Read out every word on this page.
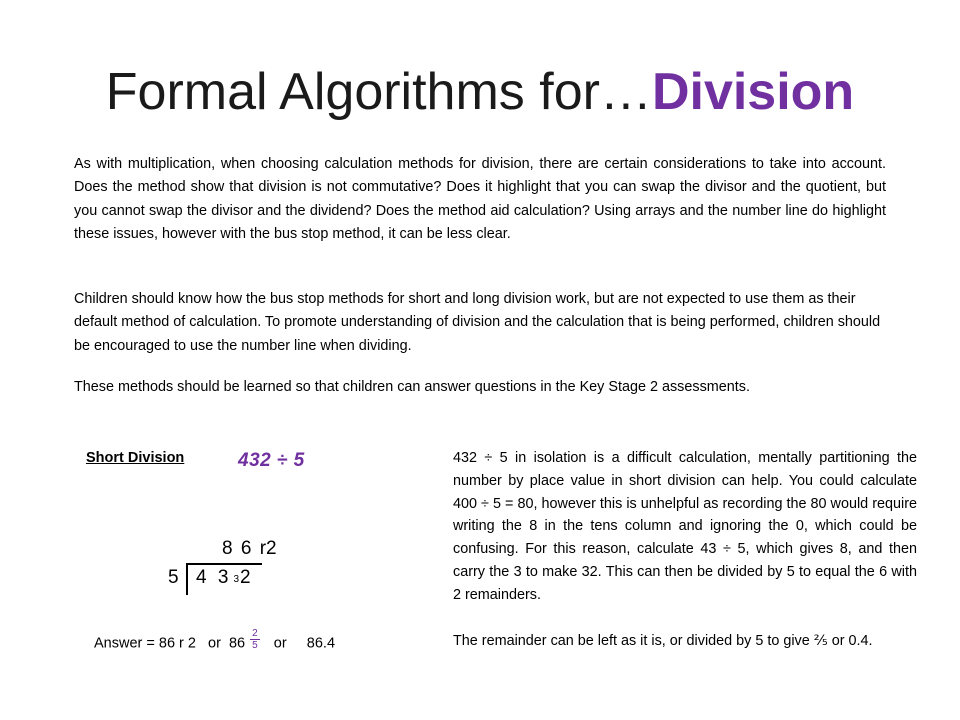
Formal Algorithms for…Division

As with multiplication, when choosing calculation methods for division, there are certain considerations to take into account. Does the method show that division is not commutative? Does it highlight that you can swap the divisor and the quotient, but you cannot swap the divisor and the dividend? Does the method aid calculation? Using arrays and the number line do highlight these issues, however with the bus stop method, it can be less clear.

Children should know how the bus stop methods for short and long division work, but are not expected to use them as their default method of calculation. To promote understanding of division and the calculation that is being performed, children should be encouraged to use the number line when dividing.

These methods should be learned so that children can answer questions in the Key Stage 2 assessments.

Short Division	432 ÷ 5
8 6 r2
5 4 3 32
Answer = 86 r 2   or  $86 \frac{2}{5}$ or     86.4

432 ÷ 5 in isolation is a difficult calculation, mentally partitioning the number by place value in short division can help. You could calculate 400 ÷ 5 = 80, however this is unhelpful as recording the 80 would require writing the 8 in the tens column and ignoring the 0, which could be confusing. For this reason, calculate 43 ÷ 5, which gives 8, and then carry the 3 to make 32. This can then be divided by 5 to equal the 6 with 2 remainders.

The remainder can be left as it is, or divided by 5 to give ⅖ or 0.4.
